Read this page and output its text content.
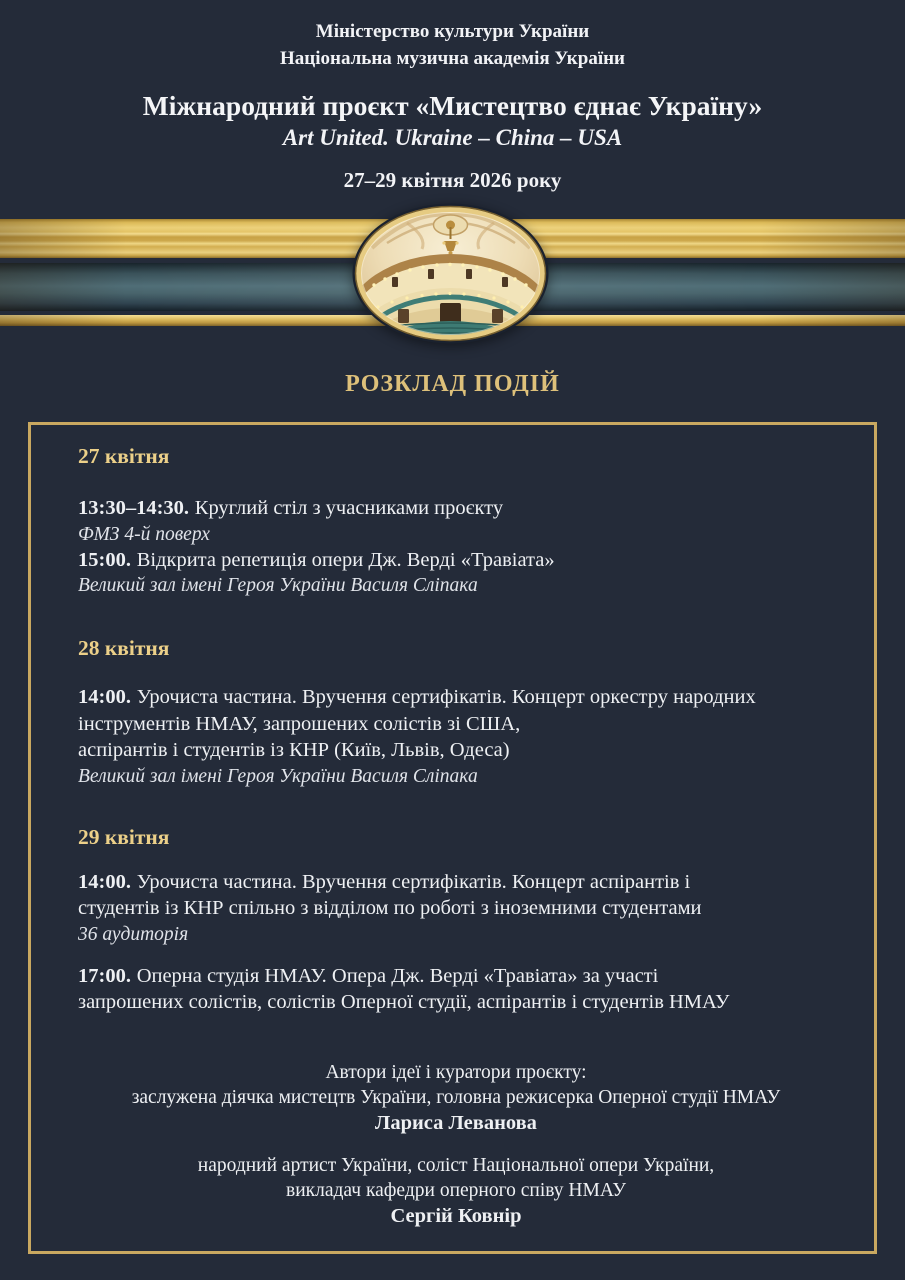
Міністерство культури України
Національна музична академія України
Міжнародний проєкт «Мистецтво єднає Україну»
Art United. Ukraine – China – USA
27–29 квітня 2026 року
РОЗКЛАД ПОДІЙ
27 квітня

13:30–14:30. Круглий стіл з учасниками проєкту

ФМЗ 4-й поверх

15:00. Відкрита репетиція опери Дж. Верді «Травіата»

Великий зал імені Героя України Василя Сліпака

28 квітня

14:00. Урочиста частина. Вручення сертифікатів. Концерт оркестру народних інструментів НМАУ, запрошених солістів зі США,
аспірантів і студентів із КНР (Київ, Львів, Одеса)

Великий зал імені Героя України Василя Сліпака

29 квітня

14:00. Урочиста частина. Вручення сертифікатів. Концерт аспірантів і
студентів із КНР спільно з відділом по роботі з іноземними студентами

36 аудиторія

17:00. Оперна студія НМАУ. Опера Дж. Верді «Травіата» за участі
запрошених солістів, солістів Оперної студії, аспірантів і студентів НМАУ

Автори ідеї і куратори проєкту:

заслужена діячка мистецтв України, головна режисерка Оперної студії НМАУ

Лариса Леванова

народний артист України, соліст Національної опери України,

викладач кафедри оперного співу НМАУ

Сергій Ковнір
